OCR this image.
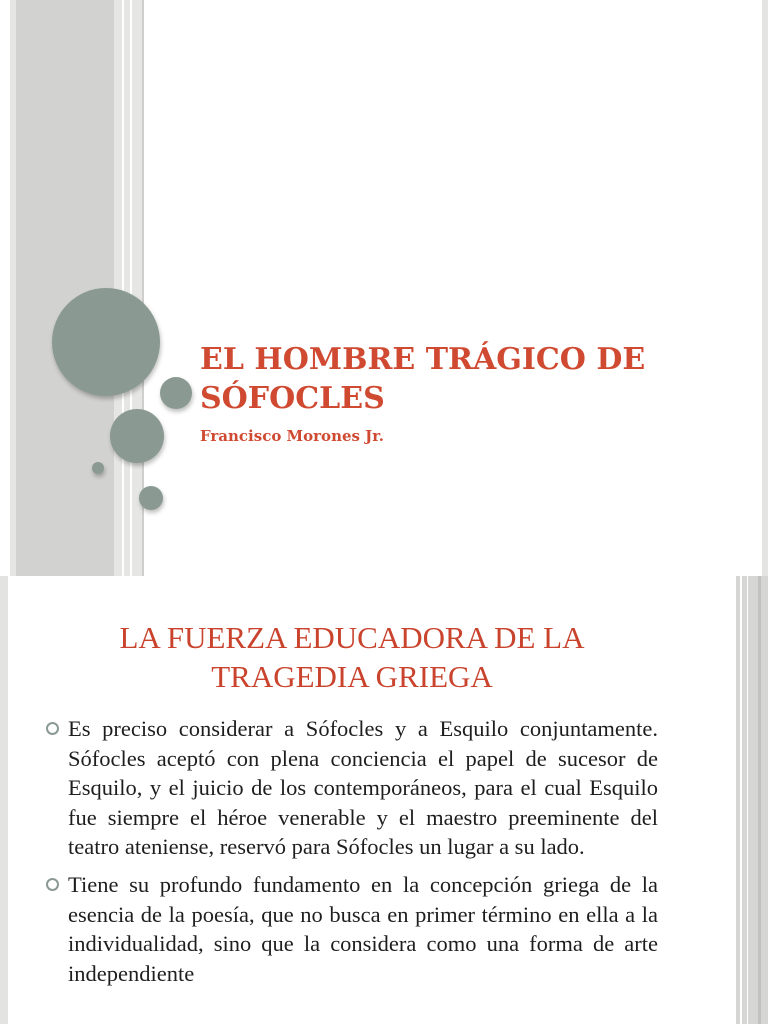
EL HOMBRE TRÁGICO DE SÓFOCLES

Francisco Morones Jr.

LA FUERZA EDUCADORA DE LA
TRAGEDIA GRIEGA
Es preciso considerar a Sófocles y a Esquilo conjuntamente. Sófocles aceptó con plena conciencia el papel de sucesor de Esquilo, y el juicio de los contemporáneos, para el cual Esquilo fue siempre el héroe venerable y el maestro preeminente del teatro ateniense, reservó para Sófocles un lugar a su lado.
Tiene su profundo fundamento en la concepción griega de la esencia de la poesía, que no busca en primer término en ella a la individualidad, sino que la considera como una forma de arte independiente
